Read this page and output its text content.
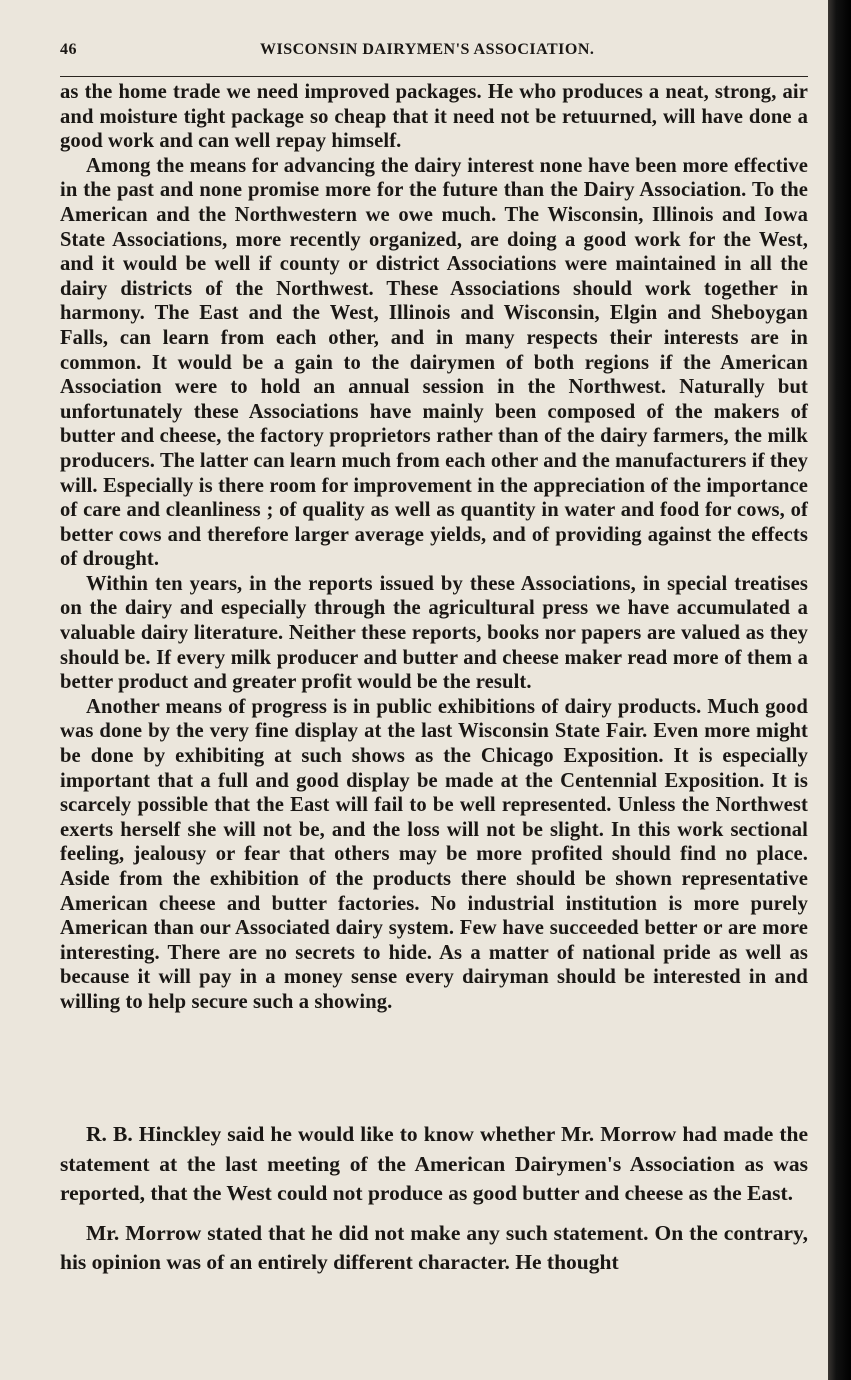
46	WISCONSIN DAIRYMEN'S ASSOCIATION.

as the home trade we need improved packages. He who produces a neat, strong, air and moisture tight package so cheap that it need not be retuurned, will have done a good work and can well repay himself.

Among the means for advancing the dairy interest none have been more effective in the past and none promise more for the future than the Dairy Association. To the American and the Northwestern we owe much. The Wisconsin, Illinois and Iowa State Associations, more recently organized, are doing a good work for the West, and it would be well if county or district Associations were maintained in all the dairy districts of the Northwest. These Associations should work together in harmony. The East and the West, Illinois and Wisconsin, Elgin and Sheboygan Falls, can learn from each other, and in many respects their interests are in common. It would be a gain to the dairymen of both regions if the American Association were to hold an annual session in the Northwest. Naturally but unfortunately these Associations have mainly been composed of the makers of butter and cheese, the factory proprietors rather than of the dairy farmers, the milk producers. The latter can learn much from each other and the manufacturers if they will. Especially is there room for improvement in the appreciation of the importance of care and cleanliness ; of quality as well as quantity in water and food for cows, of better cows and therefore larger average yields, and of providing against the effects of drought.

Within ten years, in the reports issued by these Associations, in special treatises on the dairy and especially through the agricultural press we have accumulated a valuable dairy literature. Neither these reports, books nor papers are valued as they should be. If every milk producer and butter and cheese maker read more of them a better product and greater profit would be the result.

Another means of progress is in public exhibitions of dairy products. Much good was done by the very fine display at the last Wisconsin State Fair. Even more might be done by exhibiting at such shows as the Chicago Exposition. It is especially important that a full and good display be made at the Centennial Exposition. It is scarcely possible that the East will fail to be well represented. Unless the Northwest exerts herself she will not be, and the loss will not be slight. In this work sectional feeling, jealousy or fear that others may be more profited should find no place. Aside from the exhibition of the products there should be shown representative American cheese and butter factories. No industrial institution is more purely American than our Associated dairy system. Few have succeeded better or are more interesting. There are no secrets to hide. As a matter of national pride as well as because it will pay in a money sense every dairyman should be interested in and willing to help secure such a showing.

R. B. Hinckley said he would like to know whether Mr. Morrow had made the statement at the last meeting of the American Dairymen's Association as was reported, that the West could not produce as good butter and cheese as the East.

Mr. Morrow stated that he did not make any such statement. On the contrary, his opinion was of an entirely different character. He thought
